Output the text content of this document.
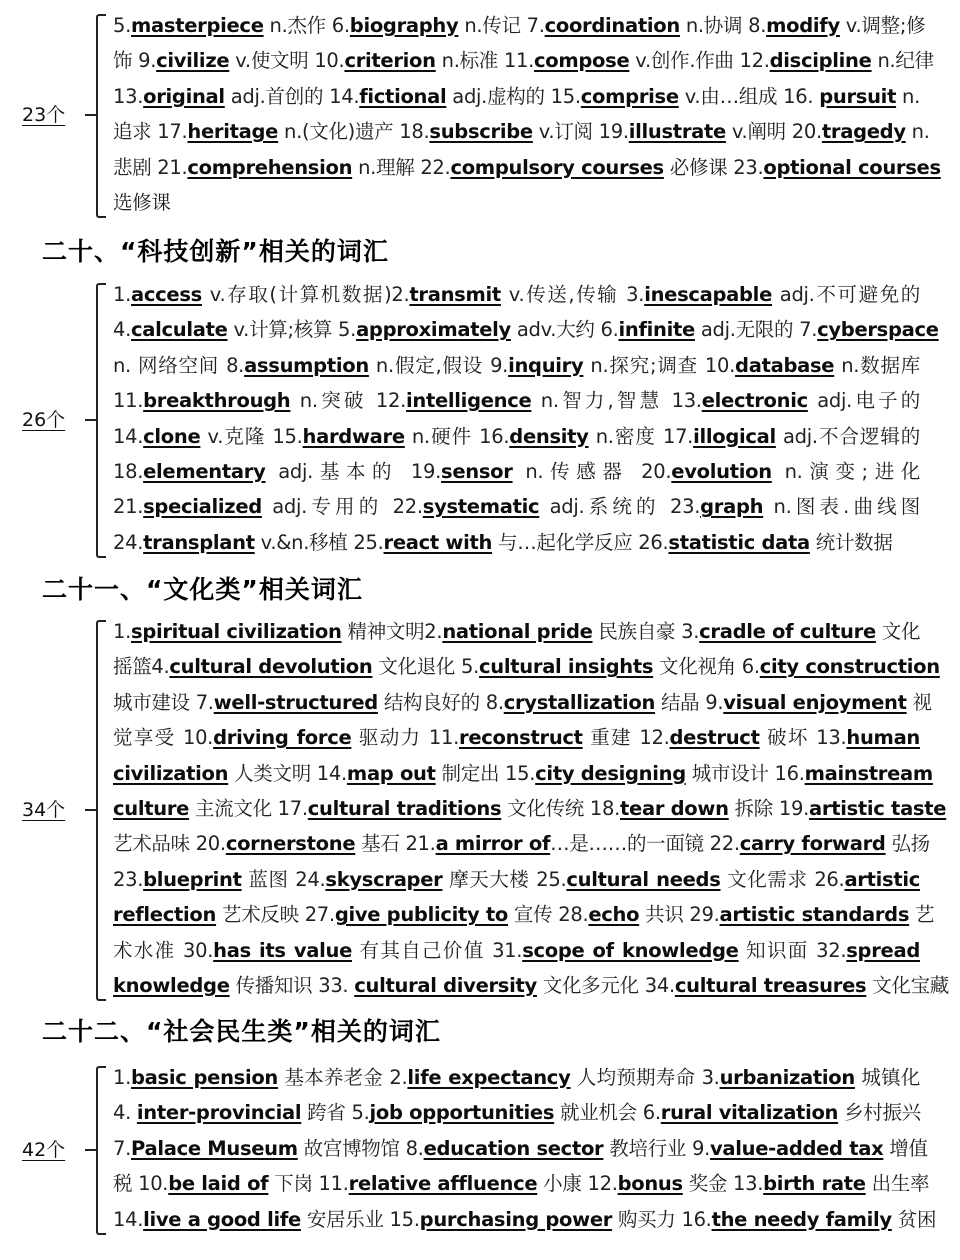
23个
5.masterpiece n.杰作 6.biography n.传记 7.coordination n.协调 8.modify v.调整;修
饰 9.civilize v.使文明 10.criterion n.标准 11.compose v.创作.作曲 12.discipline n.纪律
13.original adj.首创的 14.fictional adj.虚构的 15.comprise v.由…组成 16. pursuit n.
追求 17.heritage n.(文化)遗产 18.subscribe v.订阅 19.illustrate v.阐明 20.tragedy n.
悲剧 21.comprehension n.理解 22.compulsory courses 必修课 23.optional courses
选修课
二十、“科技创新”相关的词汇
26个
1.access v.存取(计算机数据)2.transmit v.传送,传输 3.inescapable adj.不可避免的
4.calculate v.计算;核算 5.approximately adv.大约 6.infinite adj.无限的 7.cyberspace
n. 网络空间 8.assumption n.假定,假设 9.inquiry n.探究;调查 10.database n.数据库
11.breakthrough n.突破 12.intelligence n.智力,智慧 13.electronic adj.电子的
14.clone v.克隆 15.hardware n.硬件 16.density n.密度 17.illogical adj.不合逻辑的
18.elementary adj.基本的 19.sensor n.传感器 20.evolution n.演变;进化
21.specialized adj.专用的 22.systematic adj.系统的 23.graph n.图表.曲线图
24.transplant v.&n.移植 25.react with 与…起化学反应 26.statistic data 统计数据
二十一、“文化类”相关词汇
34个
1.spiritual civilization 精神文明2.national pride 民族自豪 3.cradle of culture 文化
摇篮4.cultural devolution 文化退化 5.cultural insights 文化视角 6.city construction
城市建设 7.well-structured 结构良好的 8.crystallization 结晶 9.visual enjoyment 视
觉享受 10.driving force 驱动力 11.reconstruct 重建 12.destruct 破坏 13.human
civilization 人类文明 14.map out 制定出 15.city designing 城市设计 16.mainstream
culture 主流文化 17.cultural traditions 文化传统 18.tear down 拆除 19.artistic taste
艺术品味 20.cornerstone 基石 21.a mirror of…是……的一面镜 22.carry forward 弘扬
23.blueprint 蓝图 24.skyscraper 摩天大楼 25.cultural needs 文化需求 26.artistic
reflection 艺术反映 27.give publicity to 宣传 28.echo 共识 29.artistic standards 艺
术水准 30.has its value 有其自己价值 31.scope of knowledge 知识面 32.spread
knowledge 传播知识 33. cultural diversity 文化多元化 34.cultural treasures 文化宝藏
二十二、“社会民生类”相关的词汇
42个
1.basic pension 基本养老金 2.life expectancy 人均预期寿命 3.urbanization 城镇化
4. inter-provincial 跨省 5.job opportunities 就业机会 6.rural vitalization 乡村振兴
7.Palace Museum 故宫博物馆 8.education sector 教培行业 9.value-added tax 增值
税 10.be laid of 下岗 11.relative affluence 小康 12.bonus 奖金 13.birth rate 出生率
14.live a good life 安居乐业 15.purchasing power 购买力 16.the needy family 贫困
